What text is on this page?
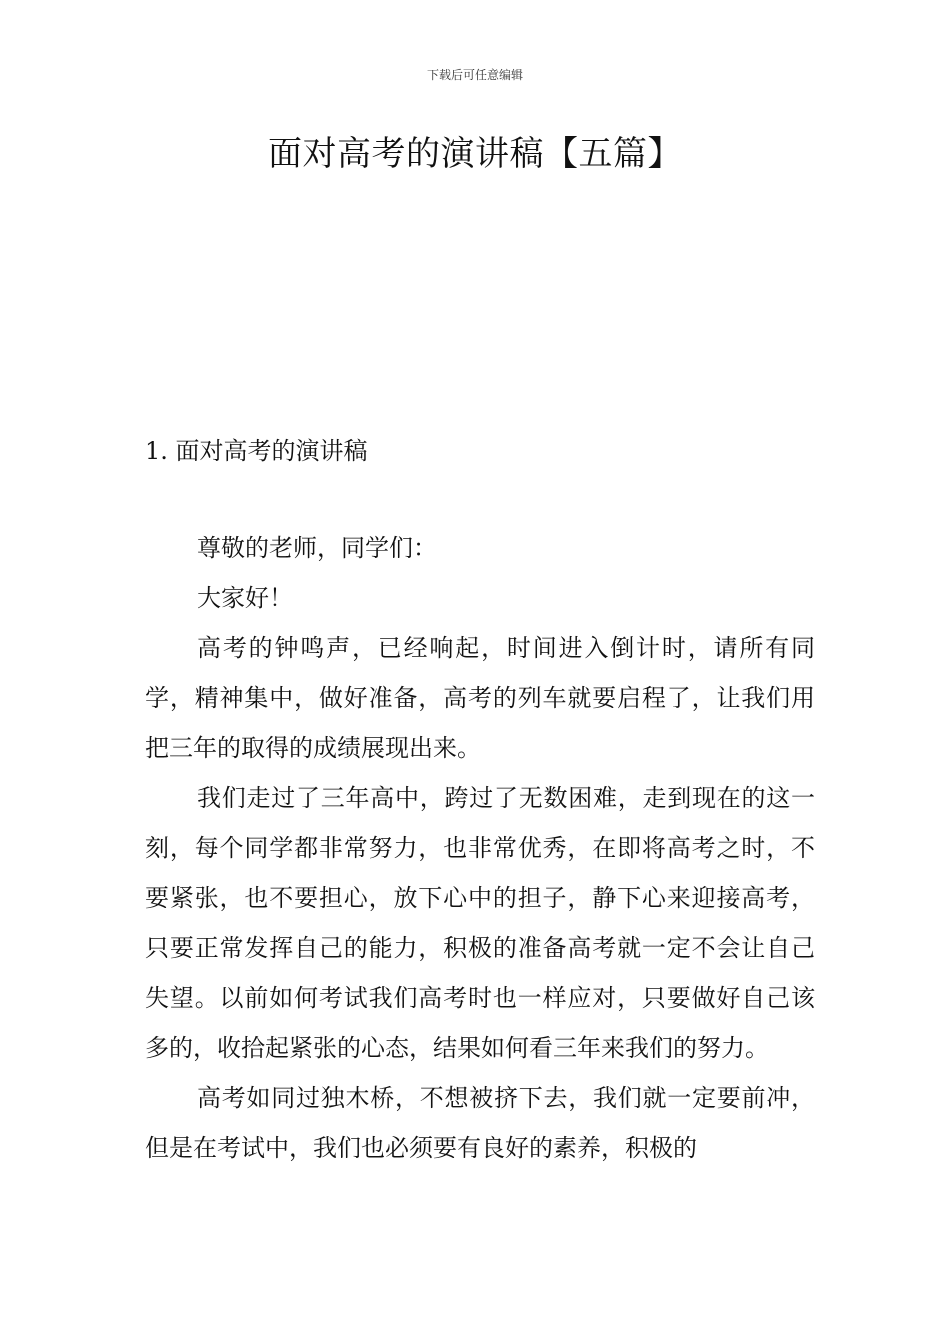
下载后可任意编辑
面对高考的演讲稿【五篇】
1. 面对高考的演讲稿

尊敬的老师，同学们：

大家好！

高考的钟鸣声，已经响起，时间进入倒计时，请所有同学，精神集中，做好准备，高考的列车就要启程了，让我们用把三年的取得的成绩展现出来。

我们走过了三年高中，跨过了无数困难，走到现在的这一刻，每个同学都非常努力，也非常优秀，在即将高考之时，不要紧张，也不要担心，放下心中的担子，静下心来迎接高考，只要正常发挥自己的能力，积极的准备高考就一定不会让自己失望。以前如何考试我们高考时也一样应对，只要做好自己该多的，收拾起紧张的心态，结果如何看三年来我们的努力。

高考如同过独木桥，不想被挤下去，我们就一定要前冲，但是在考试中，我们也必须要有良好的素养，积极的
